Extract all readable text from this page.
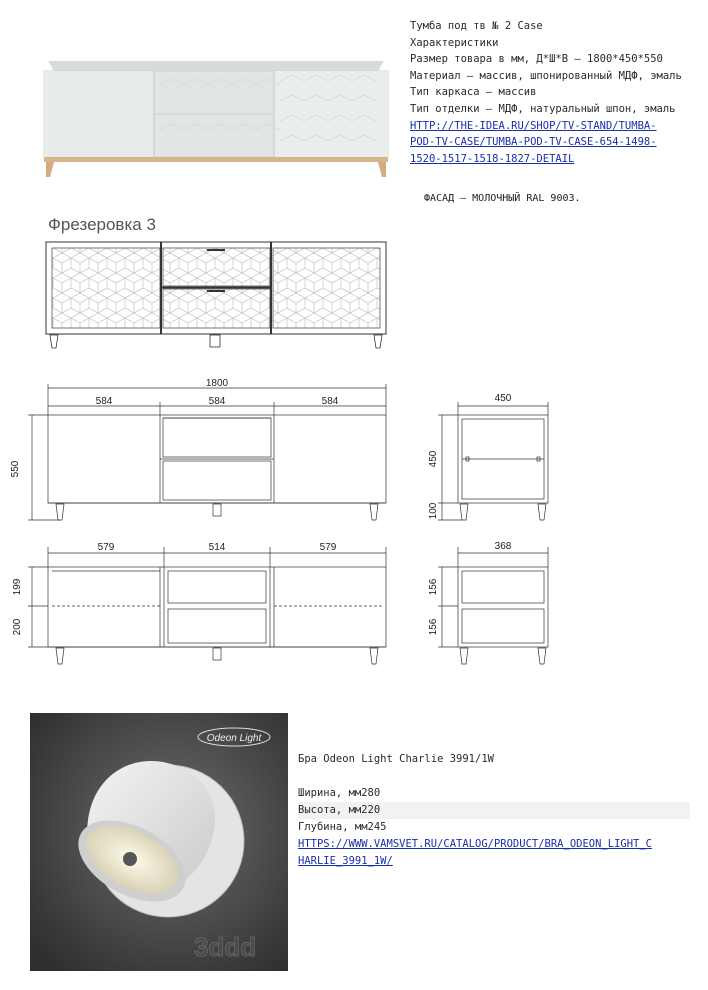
Тумба под тв № 2 Case
Характеристики
Размер товара в мм, Д*Ш*В – 1800*450*550
Материал – массив, шпонированный МДФ, эмаль
Тип каркаса – массив
Тип отделки – МДФ, натуральный шпон, эмаль
HTTP://THE-IDEA.RU/SHOP/TV-STAND/TUMBA-
POD-TV-CASE/TUMBA-POD-TV-CASE-654-1498-
1520-1517-1518-1827-DETAIL
ФАСАД – МОЛОЧНЫЙ RAL 9003.
Фрезеровка 3
1800
584	584	584
550
450
450
100
579	514	579
199
200
368
156
156
Odeon Light
3ddd
Бра Odeon Light Charlie 3991/1W
Ширина, мм280
Высота, мм220
Глубина, мм245
HTTPS://WWW.VAMSVET.RU/CATALOG/PRODUCT/BRA_ODEON_LIGHT_C
HARLIE_3991_1W/
